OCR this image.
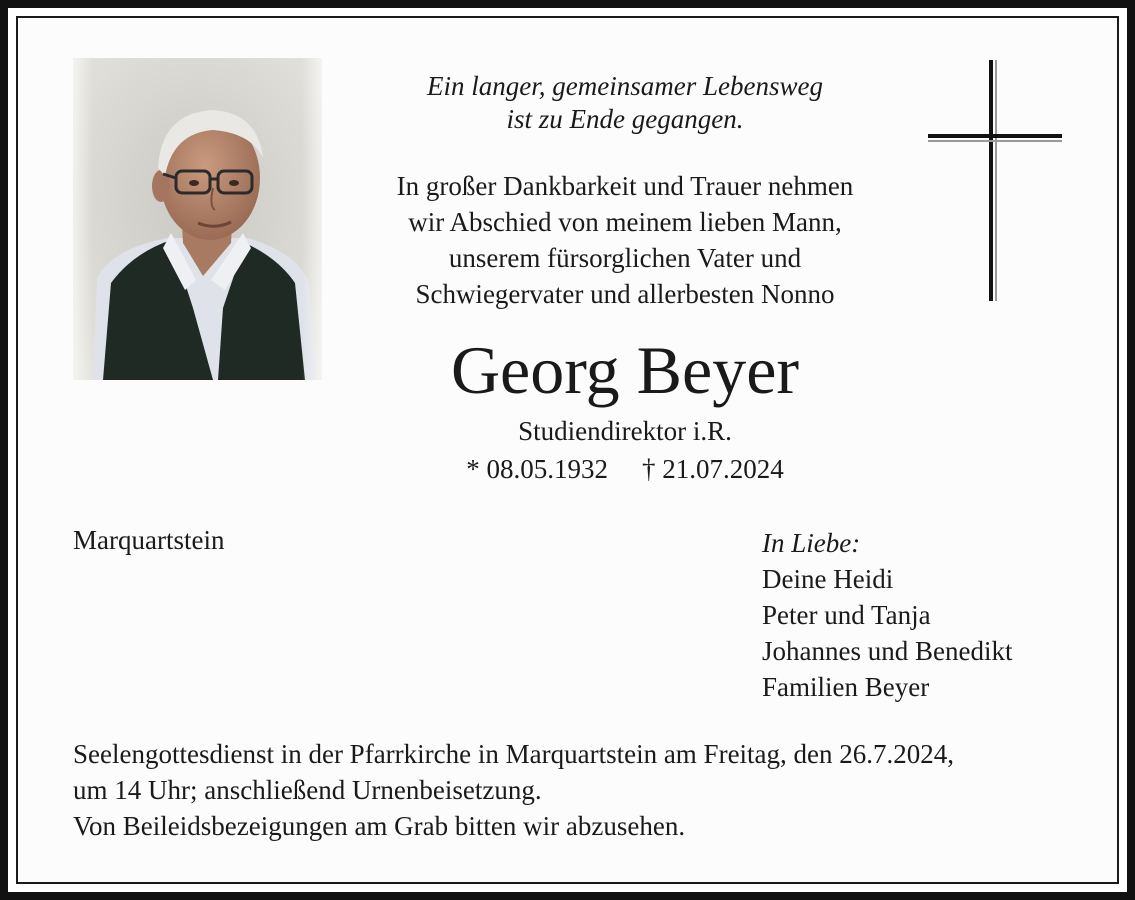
Ein langer, gemeinsamer Lebensweg
ist zu Ende gegangen.
In großer Dankbarkeit und Trauer nehmen
wir Abschied von meinem lieben Mann,
unserem fürsorglichen Vater und
Schwiegervater und allerbesten Nonno
Georg Beyer
Studiendirektor i.R.
* 08.05.1932 † 21.07.2024
Marquartstein	In Liebe:
Deine Heidi
Peter und Tanja
Johannes und Benedikt
Familien Beyer
Seelengottesdienst in der Pfarrkirche in Marquartstein am Freitag, den 26.7.2024,
um 14 Uhr; anschließend Urnenbeisetzung.
Von Beileidsbezeigungen am Grab bitten wir abzusehen.
